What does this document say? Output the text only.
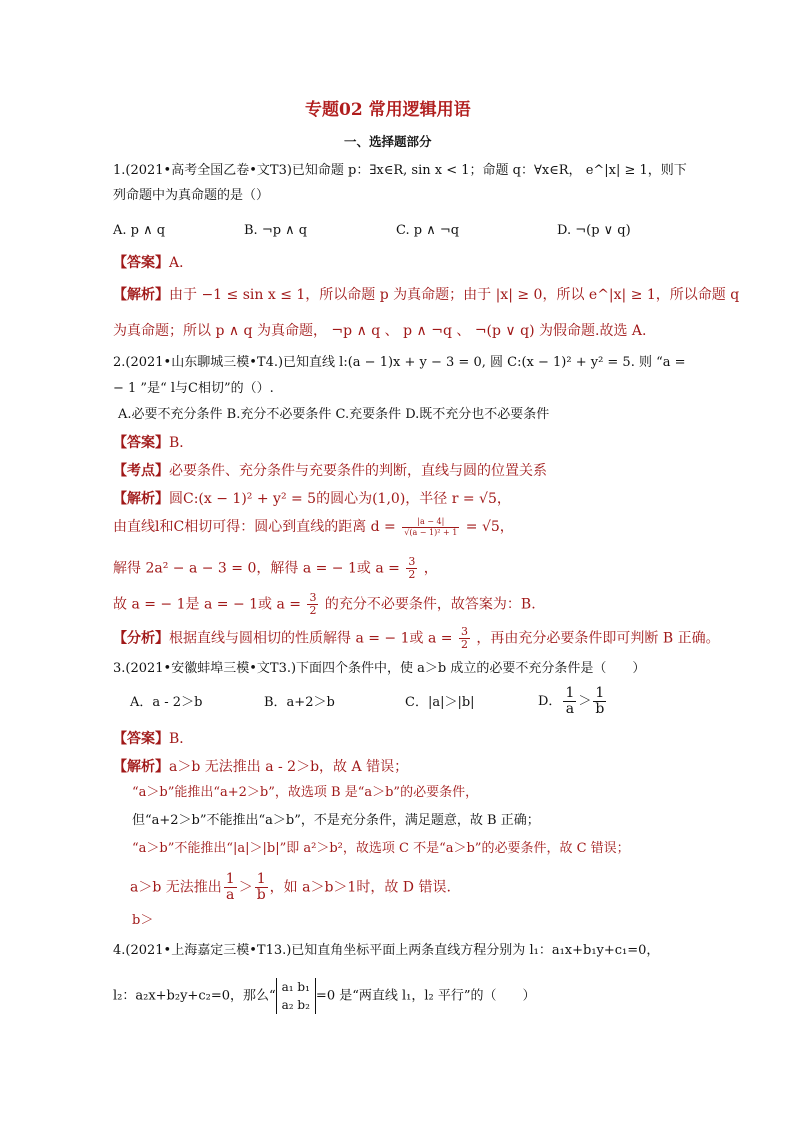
专题02 常用逻辑用语
一、选择题部分
1.(2021•高考全国乙卷•文T3)已知命题 p：∃x∈R, sin x < 1；命题 q：∀x∈R， e^|x| ≥ 1，则下
列命题中为真命题的是（）
A. p ∧ q	B. ¬p ∧ q	C. p ∧ ¬q	D. ¬(p ∨ q)
【答案】A．
【解析】由于 −1 ≤ sin x ≤ 1，所以命题 p 为真命题；由于 |x| ≥ 0，所以 e^|x| ≥ 1，所以命题 q
为真命题；所以 p ∧ q 为真命题， ¬p ∧ q 、 p ∧ ¬q 、 ¬(p ∨ q) 为假命题.故选 A.
2.(2021•山东聊城三模•T4.)已知直线 l:(a − 1)x + y − 3 = 0, 圆 C:(x − 1)² + y² = 5. 则 “a =
− 1 ”是“ l与C相切”的（）.
A.必要不充分条件 B.充分不必要条件 C.充要条件 D.既不充分也不必要条件
【答案】B．
【考点】必要条件、充分条件与充要条件的判断，直线与圆的位置关系
【解析】圆C:(x − 1)² + y² = 5的圆心为(1,0)，半径 r = √5，
由直线l和C相切可得：圆心到直线的距离 $d = \frac{|a - 4|}{\text{√(a − 1)² + 1}} = √5$，
解得 2a² − a − 3 = 0，解得 a = − 1或 $a = \frac{3}{2}$ ，
故 a = − 1是 a = − 1或 $a = \frac{3}{2}$ 的充分不必要条件，故答案为：B.
【分析】根据直线与圆相切的性质解得 a = − 1或 $a = \frac{3}{2}$ ，再由充分必要条件即可判断 B 正确。
3.(2021•安徽蚌埠三模•文T3.)下面四个条件中，使 a＞b 成立的必要不充分条件是（　　）
A．a - 2＞b	B．a+2＞b	C．|a|＞|b|	D． $\frac{1}{a} > \frac{1}{b}$
【答案】B．
【解析】a＞b 无法推出 a - 2＞b，故 A 错误；
“a＞b”能推出“a+2＞b”，故选项 B 是“a＞b”的必要条件，
但“a+2＞b”不能推出“a＞b”，不是充分条件，满足题意，故 B 正确；
“a＞b”不能推出“|a|＞|b|”即 a²＞b²，故选项 C 不是“a＞b”的必要条件，故 C 错误；
a＞b 无法推出 $\frac{1}{a} > \frac{1}{b}$ ，如 a＞b＞1时，故 D 错误.
b＞
4.(2021•上海嘉定三模•T13.)已知直角坐标平面上两条直线方程分别为 l₁：a₁x+b₁y+c₁=0，
l₂：a₂x+b₂y+c₂=0，那么“
a₁ b₁
a₂ b₂
=0 是“两直线 l₁，l₂ 平行”的（　　）
